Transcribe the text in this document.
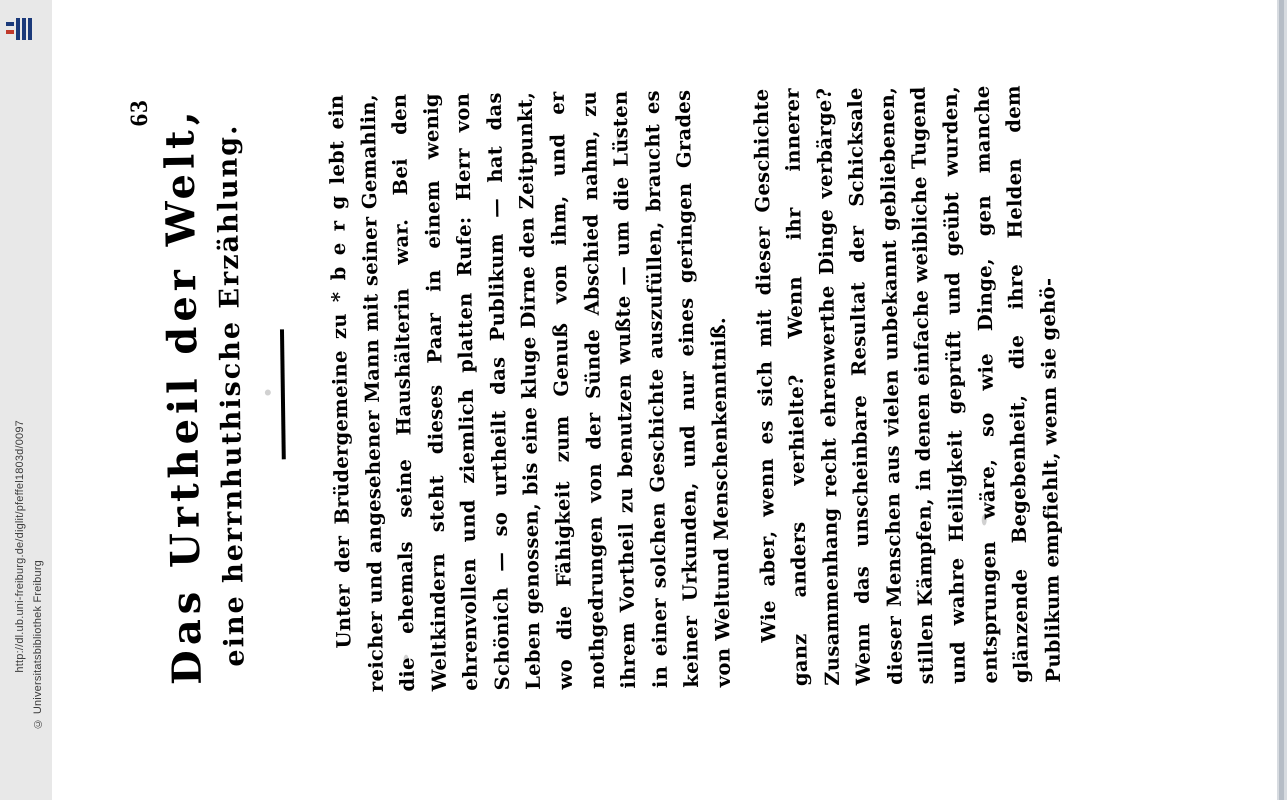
http://dl.ub.uni-freiburg.de/diglit/pfeffel1803d/0097 © Universitatsbibliothek Freiburg
63 Das Urtheil der Welt, eine herrnhuthische Erzählung.	Unter der Brüdergemeine zu * b e r g lebt ein reicher und angesehener Mann mit seiner Gemahlin, die ehemals seine Haushälterin war. Bei den Weltkindern steht dieses Paar in einem wenig ehrenvollen und ziemlich platten Rufe: Herr von Schönich — so urtheilt das Publikum — hat das Leben genossen, bis eine kluge Dirne den Zeitpunkt, wo die Fähigkeit zum Genuß von ihm, und er nothgedrungen von der Sünde Abschied nahm, zu ihrem Vortheil zu benutzen wußte — um die Lüsten in einer solchen Geschichte auszufüllen, braucht es keiner Urkunden, und nur eines geringen Grades von Weltund Menschenkenntniß. Wie aber, wenn es sich mit dieser Geschichte ganz anders verhielte? Wenn ihr innerer Zusammenhang recht ehrenwerthe Dinge verbärge? Wenn das unscheinbare Resultat der Schicksale dieser Menschen aus vielen unbekannt gebliebenen, stillen Kämpfen, in denen einfache weibliche Tugend und wahre Heiligkeit geprüft und geübt wurden, entsprungen wäre, so wie Dinge, gen manche glänzende Begebenheit, die ihre Helden dem Publikum empfiehlt, wenn sie gehö-
